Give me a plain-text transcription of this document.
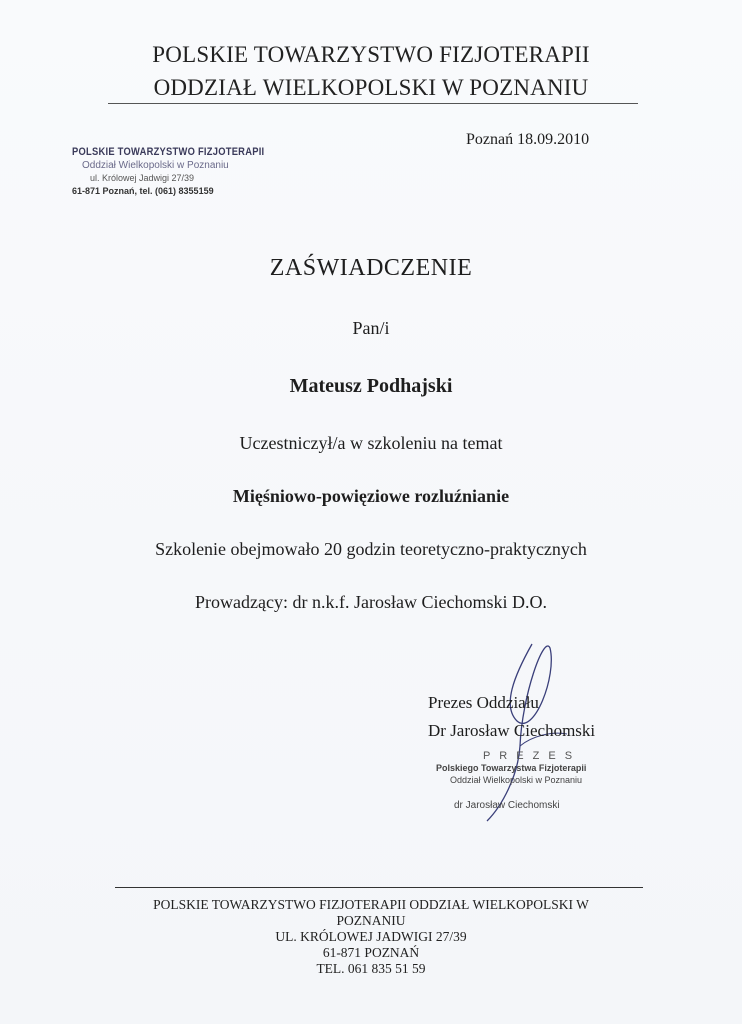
POLSKIE TOWARZYSTWO FIZJOTERAPII
ODDZIAŁ WIELKOPOLSKI W POZNANIU
Poznań 18.09.2010
POLSKIE TOWARZYSTWO FIZJOTERAPII
Oddział Wielkopolski w Poznaniu
ul. Królowej Jadwigi 27/39
61-871 Poznań, tel. (061) 8355159
ZAŚWIADCZENIE
Pan/i
Mateusz Podhajski
Uczestniczył/a w szkoleniu na temat
Mięśniowo-powięziowe rozluźnianie
Szkolenie obejmowało 20 godzin teoretyczno-praktycznych
Prowadzący: dr n.k.f. Jarosław Ciechomski D.O.
Prezes Oddziału
Dr Jarosław Ciechomski
P R E Z E S
Polskiego Towarzystwa Fizjoterapii
Oddział Wielkopolski w Poznaniu
dr Jarosław Ciechomski
POLSKIE TOWARZYSTWO FIZJOTERAPII ODDZIAŁ WIELKOPOLSKI W
POZNANIU
UL. KRÓLOWEJ JADWIGI 27/39
61-871 POZNAŃ
TEL. 061 835 51 59
